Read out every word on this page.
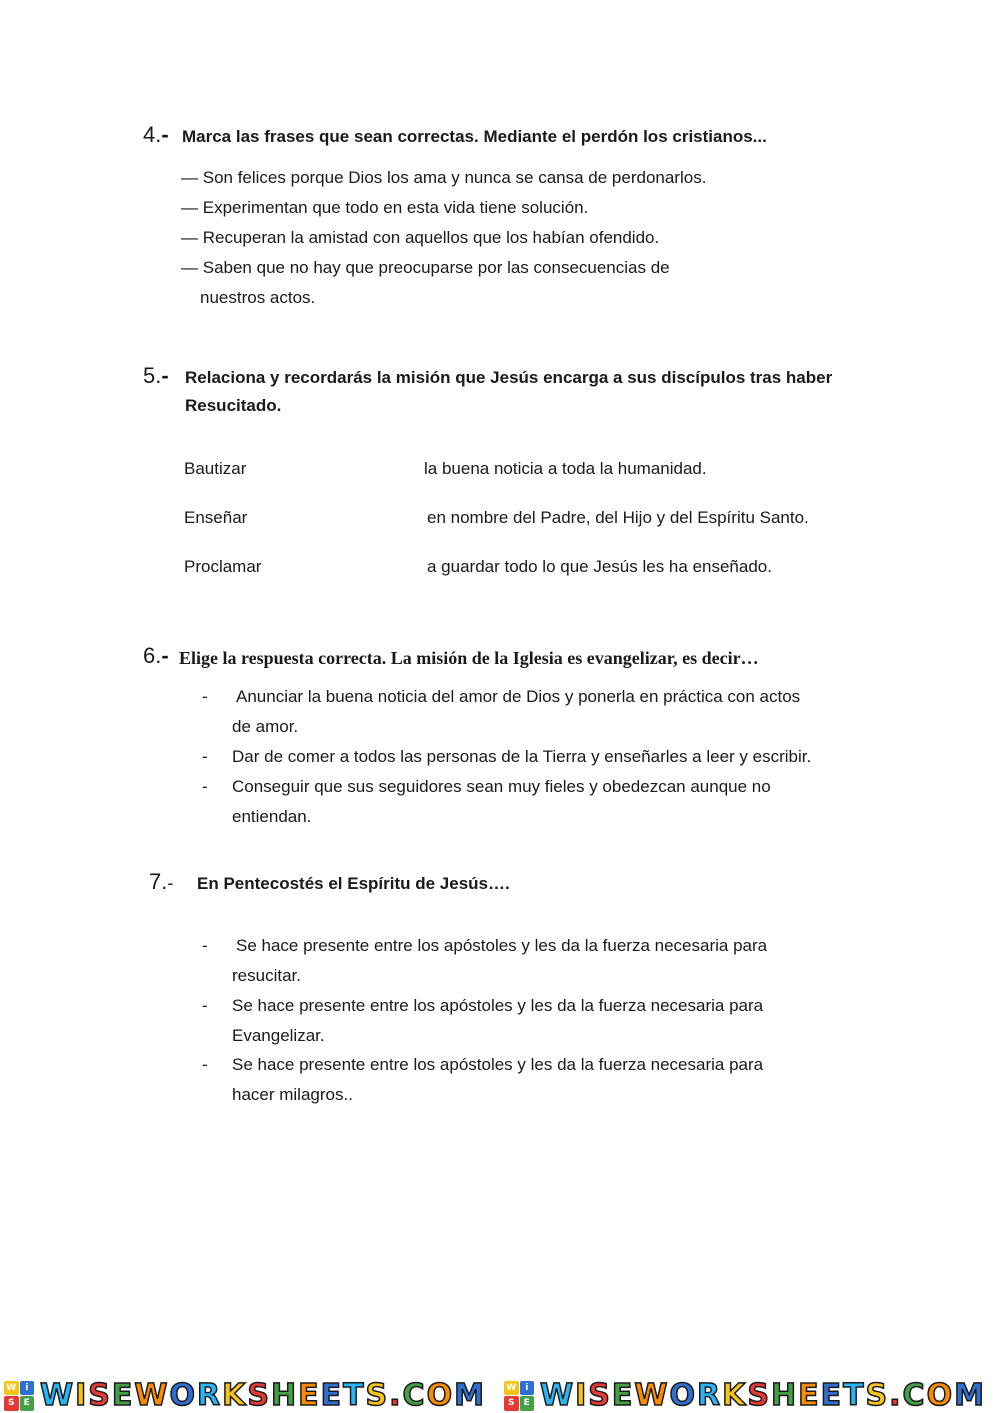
4.- Marca las frases que sean correctas. Mediante el perdón los cristianos...
— Son felices porque Dios los ama y nunca se cansa de perdonarlos.
— Experimentan que todo en esta vida tiene solución.
— Recuperan la amistad con aquellos que los habían ofendido.
— Saben que no hay que preocuparse por las consecuencias de
nuestros actos.
5.- Relaciona y recordarás la misión que Jesús encarga a sus discípulos tras haber
Resucitado.
Bautizar	la buena noticia a toda la humanidad.
Enseñar	en nombre del Padre, del Hijo y del Espíritu Santo.
Proclamar	a guardar todo lo que Jesús les ha enseñado.
6.- Elige la respuesta correcta. La misión de la Iglesia es evangelizar, es decir…
- Anunciar la buena noticia del amor de Dios y ponerla en práctica con actos
de amor.
- Dar de comer a todos las personas de la Tierra y enseñarles a leer y escribir.
- Conseguir que sus seguidores sean muy fieles y obedezcan aunque no
entiendan.
7.- En Pentecostés el Espíritu de Jesús….
- Se hace presente entre los apóstoles y les da la fuerza necesaria para
resucitar.
- Se hace presente entre los apóstoles y les da la fuerza necesaria para
Evangelizar.
- Se hace presente entre los apóstoles y les da la fuerza necesaria para
hacer milagros..
W i
S	E WISEWORKSHEETS.COM W i
S	E WISEWORKSHEETS.COM
